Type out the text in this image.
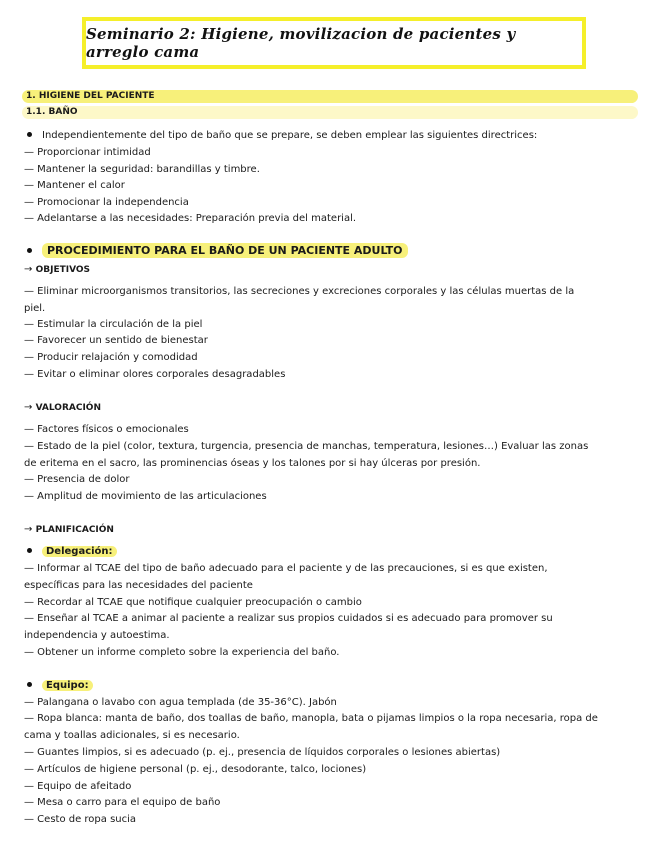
Seminario 2: Higiene, movilizacion de pacientes y arreglo cama
1. HIGIENE DEL PACIENTE
1.1. BAÑO
Independientemente del tipo de baño que se prepare, se deben emplear las siguientes directrices:
— Proporcionar intimidad
— Mantener la seguridad: barandillas y timbre.
— Mantener el calor
— Promocionar la independencia
— Adelantarse a las necesidades: Preparación previa del material.
PROCEDIMIENTO PARA EL BAÑO DE UN PACIENTE ADULTO
→ OBJETIVOS
— Eliminar microorganismos transitorios, las secreciones y excreciones corporales y las células muertas de la
piel.
— Estimular la circulación de la piel
— Favorecer un sentido de bienestar
— Producir relajación y comodidad
— Evitar o eliminar olores corporales desagradables
→ VALORACIÓN
— Factores físicos o emocionales
— Estado de la piel (color, textura, turgencia, presencia de manchas, temperatura, lesiones…) Evaluar las zonas
de eritema en el sacro, las prominencias óseas y los talones por si hay úlceras por presión.
— Presencia de dolor
— Amplitud de movimiento de las articulaciones
→ PLANIFICACIÓN
Delegación:
— Informar al TCAE del tipo de baño adecuado para el paciente y de las precauciones, si es que existen,
específicas para las necesidades del paciente
— Recordar al TCAE que notifique cualquier preocupación o cambio
— Enseñar al TCAE a animar al paciente a realizar sus propios cuidados si es adecuado para promover su
independencia y autoestima.
— Obtener un informe completo sobre la experiencia del baño.
Equipo:
— Palangana o lavabo con agua templada (de 35-36°C). Jabón
— Ropa blanca: manta de baño, dos toallas de baño, manopla, bata o pijamas limpios o la ropa necesaria, ropa de
cama y toallas adicionales, si es necesario.
— Guantes limpios, si es adecuado (p. ej., presencia de líquidos corporales o lesiones abiertas)
— Artículos de higiene personal (p. ej., desodorante, talco, lociones)
— Equipo de afeitado
— Mesa o carro para el equipo de baño
— Cesto de ropa sucia
